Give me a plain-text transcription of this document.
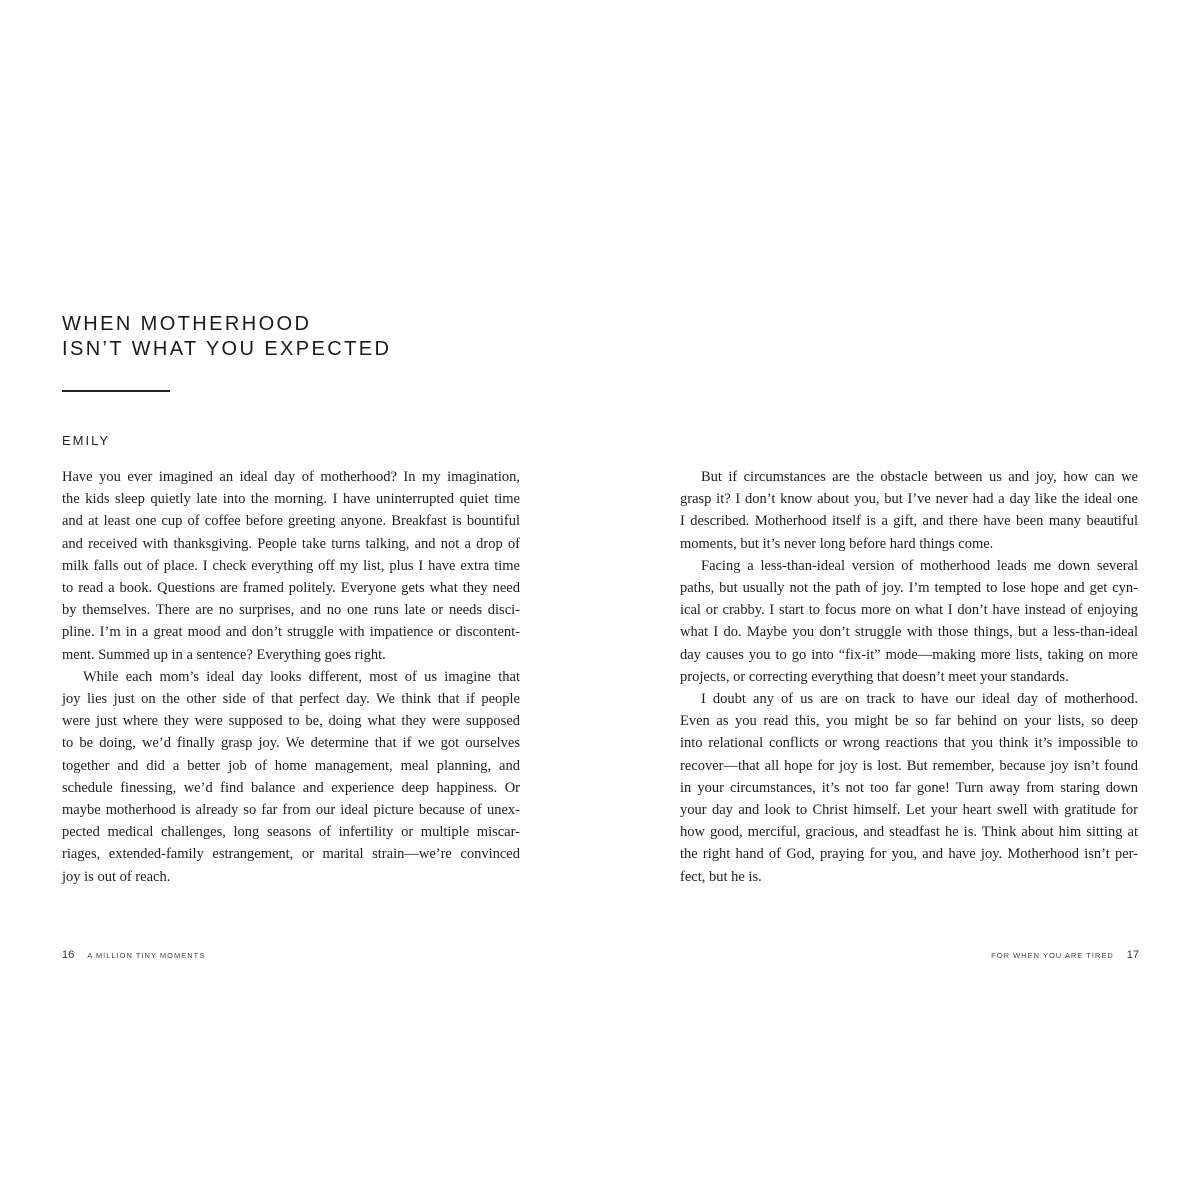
WHEN MOTHERHOOD
ISN’T WHAT YOU EXPECTED
EMILY
Have you ever imagined an ideal day of motherhood? In my imagination,
the kids sleep quietly late into the morning. I have uninterrupted quiet time
and at least one cup of coffee before greeting anyone. Breakfast is bountiful
and received with thanksgiving. People take turns talking, and not a drop of
milk falls out of place. I check everything off my list, plus I have extra time
to read a book. Questions are framed politely. Everyone gets what they need
by themselves. There are no surprises, and no one runs late or needs disci-
pline. I’m in a great mood and don’t struggle with impatience or discontent-
ment. Summed up in a sentence? Everything goes right.
While each mom’s ideal day looks different, most of us imagine that
joy lies just on the other side of that perfect day. We think that if people
were just where they were supposed to be, doing what they were supposed
to be doing, we’d finally grasp joy. We determine that if we got ourselves
together and did a better job of home management, meal planning, and
schedule finessing, we’d find balance and experience deep happiness. Or
maybe motherhood is already so far from our ideal picture because of unex-
pected medical challenges, long seasons of infertility or multiple miscar-
riages, extended-family estrangement, or marital strain—we’re convinced
joy is out of reach.
16 A MILLION TINY MOMENTS
But if circumstances are the obstacle between us and joy, how can we
grasp it? I don’t know about you, but I’ve never had a day like the ideal one
I described. Motherhood itself is a gift, and there have been many beautiful
moments, but it’s never long before hard things come.
Facing a less-than-ideal version of motherhood leads me down several
paths, but usually not the path of joy. I’m tempted to lose hope and get cyn-
ical or crabby. I start to focus more on what I don’t have instead of enjoying
what I do. Maybe you don’t struggle with those things, but a less-than-ideal
day causes you to go into “fix-it” mode—making more lists, taking on more
projects, or correcting everything that doesn’t meet your standards.
I doubt any of us are on track to have our ideal day of motherhood.
Even as you read this, you might be so far behind on your lists, so deep
into relational conflicts or wrong reactions that you think it’s impossible to
recover—that all hope for joy is lost. But remember, because joy isn’t found
in your circumstances, it’s not too far gone! Turn away from staring down
your day and look to Christ himself. Let your heart swell with gratitude for
how good, merciful, gracious, and steadfast he is. Think about him sitting at
the right hand of God, praying for you, and have joy. Motherhood isn’t per-
fect, but he is.
FOR WHEN YOU ARE TIRED 17
